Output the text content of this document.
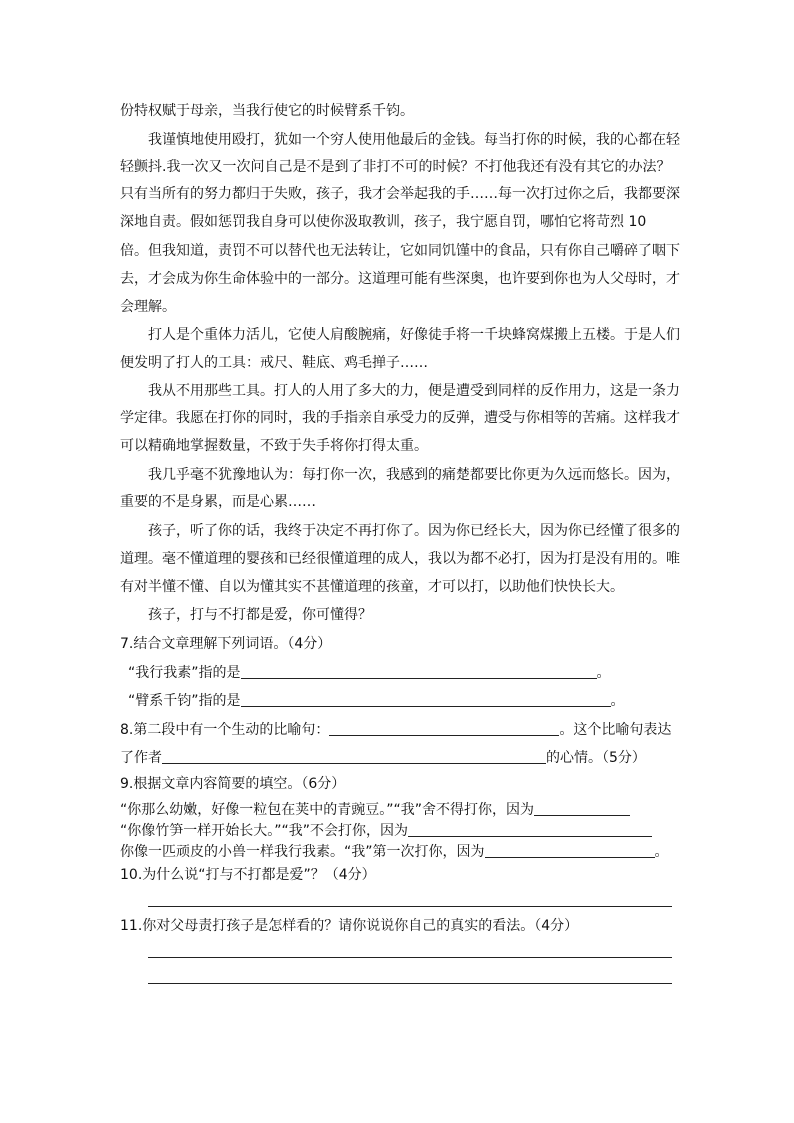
份特权赋于母亲，当我行使它的时候臂系千钧。
我谨慎地使用殴打，犹如一个穷人使用他最后的金钱。每当打你的时候，我的心都在轻
轻颤抖.我一次又一次问自己是不是到了非打不可的时候？不打他我还有没有其它的办法？
只有当所有的努力都归于失败，孩子，我才会举起我的手……每一次打过你之后，我都要深
深地自责。假如惩罚我自身可以使你汲取教训，孩子，我宁愿自罚，哪怕它将苛烈 10
倍。但我知道，责罚不可以替代也无法转让，它如同饥馑中的食品，只有你自己嚼碎了咽下
去，才会成为你生命体验中的一部分。这道理可能有些深奥，也许要到你也为人父母时，才
会理解。
打人是个重体力活儿，它使人肩酸腕痛，好像徒手将一千块蜂窝煤搬上五楼。于是人们
便发明了打人的工具：戒尺、鞋底、鸡毛掸子……
我从不用那些工具。打人的人用了多大的力，便是遭受到同样的反作用力，这是一条力
学定律。我愿在打你的同时，我的手指亲自承受力的反弹，遭受与你相等的苦痛。这样我才
可以精确地掌握数量，不致于失手将你打得太重。
我几乎毫不犹豫地认为：每打你一次，我感到的痛楚都要比你更为久远而悠长。因为，
重要的不是身累，而是心累……
孩子，听了你的话，我终于决定不再打你了。因为你已经长大，因为你已经懂了很多的
道理。毫不懂道理的婴孩和已经很懂道理的成人，我以为都不必打，因为打是没有用的。唯
有对半懂不懂、自以为懂其实不甚懂道理的孩童，才可以打，以助他们快快长大。
孩子，打与不打都是爱，你可懂得？
7.结合文章理解下列词语。（4分）
“我行我素”指的是	。
“臂系千钧”指的是	。
8.第二段中有一个生动的比喻句：	。这个比喻句表达
了作者	的心情。（5分）
9.根据文章内容简要的填空。（6分）
“你那么幼嫩，好像一粒包在荚中的青豌豆。”“我”舍不得打你，因为
“你像竹笋一样开始长大。”“我”不会打你，因为
你像一匹顽皮的小兽一样我行我素。“我”第一次打你，因为	。
10.为什么说“打与不打都是爱”？（4分）
11.你对父母责打孩子是怎样看的？请你说说你自己的真实的看法。（4分）
